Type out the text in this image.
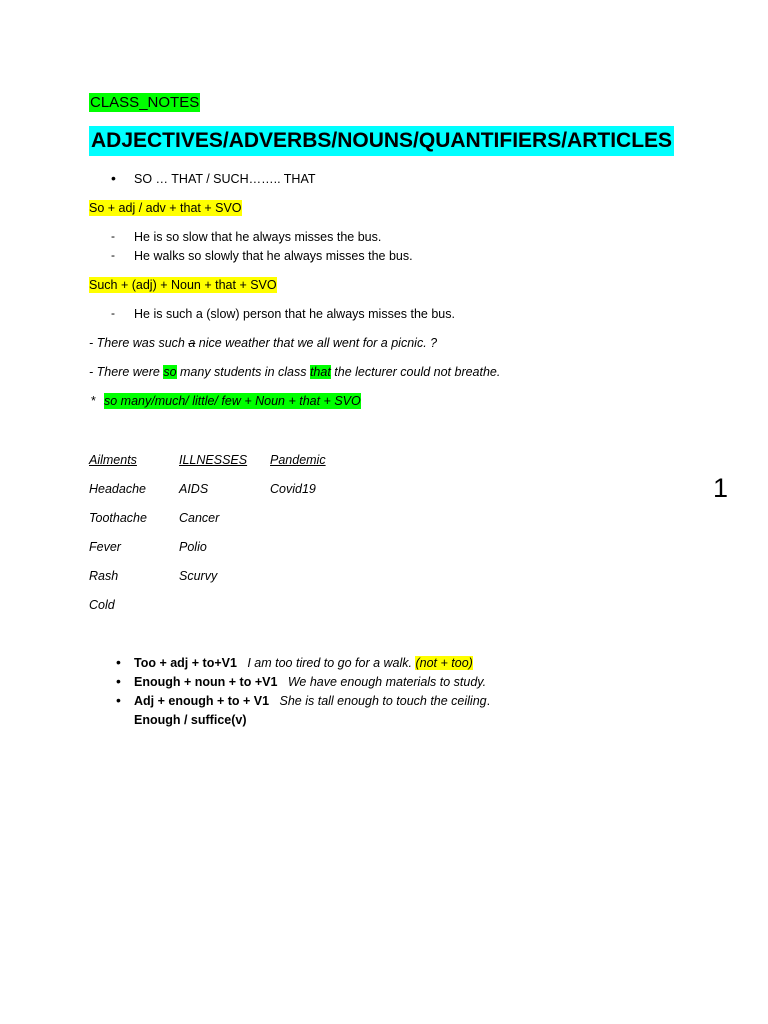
CLASS_NOTES
ADJECTIVES/ADVERBS/NOUNS/QUANTIFIERS/ARTICLES
• SO … THAT / SUCH…….. THAT
So + adj / adv + that + SVO
- He is so slow that he always misses the bus.
- He walks so slowly that he always misses the bus.
Such + (adj) + Noun + that + SVO
- He is such a (slow) person that he always misses the bus.
- There was such a nice weather that we all went for a picnic. ?
- There were so many students in class that the lecturer could not breathe.
* so many/much/ little/ few + Noun + that + SVO
Ailments	ILLNESSES Pandemic
Headache
Toothache
Fever
Rash
Cold
AIDS
Cancer
Polio
Scurvy
Covid19	1
• Too + adj + to+V1 I am too tired to go for a walk. (not + too)
• Enough + noun + to +V1 We have enough materials to study.
• Adj + enough + to + V1 She is tall enough to touch the ceiling.
Enough / suffice(v)
